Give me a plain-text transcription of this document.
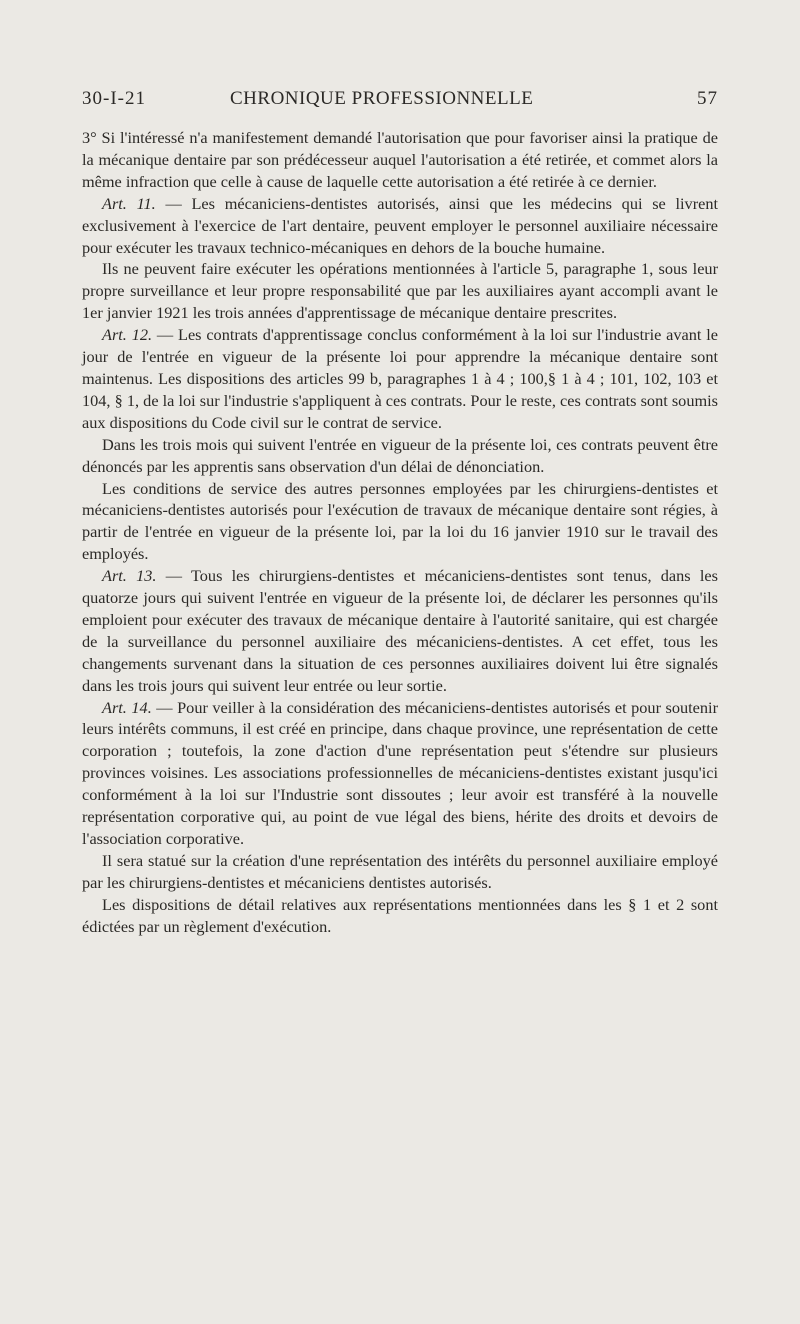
30-I-21	CHRONIQUE PROFESSIONNELLE	57

3° Si l'intéressé n'a manifestement demandé l'autorisation que pour favoriser ainsi la pratique de la mécanique dentaire par son prédécesseur auquel l'autorisation a été retirée, et commet alors la même infraction que celle à cause de laquelle cette autorisation a été retirée à ce dernier.

Art. 11. — Les mécaniciens-dentistes autorisés, ainsi que les médecins qui se livrent exclusivement à l'exercice de l'art dentaire, peuvent employer le personnel auxiliaire nécessaire pour exécuter les travaux technico-mécaniques en dehors de la bouche humaine.

Ils ne peuvent faire exécuter les opérations mentionnées à l'article 5, paragraphe 1, sous leur propre surveillance et leur propre responsabilité que par les auxiliaires ayant accompli avant le 1er janvier 1921 les trois années d'apprentissage de mécanique dentaire prescrites.

Art. 12. — Les contrats d'apprentissage conclus conformément à la loi sur l'industrie avant le jour de l'entrée en vigueur de la présente loi pour apprendre la mécanique dentaire sont maintenus. Les dispositions des articles 99 b, paragraphes 1 à 4 ; 100,§ 1 à 4 ; 101, 102, 103 et 104, § 1, de la loi sur l'industrie s'appliquent à ces contrats. Pour le reste, ces contrats sont soumis aux dispositions du Code civil sur le contrat de service.

Dans les trois mois qui suivent l'entrée en vigueur de la présente loi, ces contrats peuvent être dénoncés par les apprentis sans observation d'un délai de dénonciation.

Les conditions de service des autres personnes employées par les chirurgiens-dentistes et mécaniciens-dentistes autorisés pour l'exécution de travaux de mécanique dentaire sont régies, à partir de l'entrée en vigueur de la présente loi, par la loi du 16 janvier 1910 sur le travail des employés.

Art. 13. — Tous les chirurgiens-dentistes et mécaniciens-dentistes sont tenus, dans les quatorze jours qui suivent l'entrée en vigueur de la présente loi, de déclarer les personnes qu'ils emploient pour exécuter des travaux de mécanique dentaire à l'autorité sanitaire, qui est chargée de la surveillance du personnel auxiliaire des mécaniciens-dentistes. A cet effet, tous les changements survenant dans la situation de ces personnes auxiliaires doivent lui être signalés dans les trois jours qui suivent leur entrée ou leur sortie.

Art. 14. — Pour veiller à la considération des mécaniciens-dentistes autorisés et pour soutenir leurs intérêts communs, il est créé en principe, dans chaque province, une représentation de cette corporation ; toutefois, la zone d'action d'une représentation peut s'étendre sur plusieurs provinces voisines. Les associations professionnelles de mécaniciens-dentistes existant jusqu'ici conformément à la loi sur l'Industrie sont dissoutes ; leur avoir est transféré à la nouvelle représentation corporative qui, au point de vue légal des biens, hérite des droits et devoirs de l'association corporative.

Il sera statué sur la création d'une représentation des intérêts du personnel auxiliaire employé par les chirurgiens-dentistes et mécaniciens dentistes autorisés.

Les dispositions de détail relatives aux représentations mentionnées dans les § 1 et 2 sont édictées par un règlement d'exécution.
